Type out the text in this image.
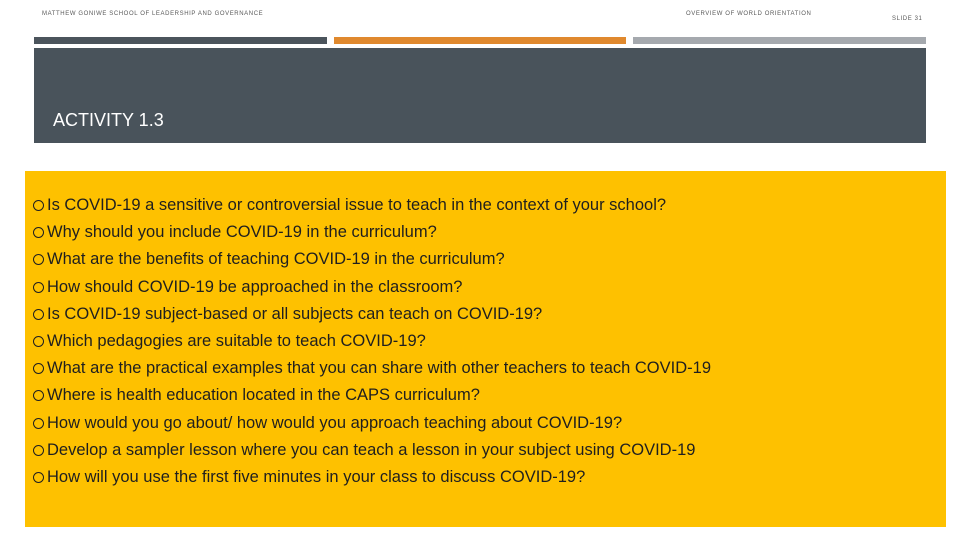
MATTHEW GONIWE SCHOOL OF LEADERSHIP AND GOVERNANCE	OVERVIEW OF WORLD ORIENTATION
SLIDE 31
ACTIVITY 1.3
Is COVID-19 a sensitive or controversial issue to teach in the context of your school?
Why should you include COVID-19 in the curriculum?
What are the benefits of teaching COVID-19 in the curriculum?
How should COVID-19 be approached in the classroom?
Is COVID-19 subject-based or all subjects can teach on COVID-19?
Which pedagogies are suitable to teach COVID-19?
What are the practical examples that you can share with other teachers to teach COVID-19
Where is health education located in the CAPS curriculum?
How would you go about/ how would you approach teaching about COVID-19?
Develop a sampler lesson where you can teach a lesson in your subject using COVID-19
How will you use the first five minutes in your class to discuss COVID-19?
